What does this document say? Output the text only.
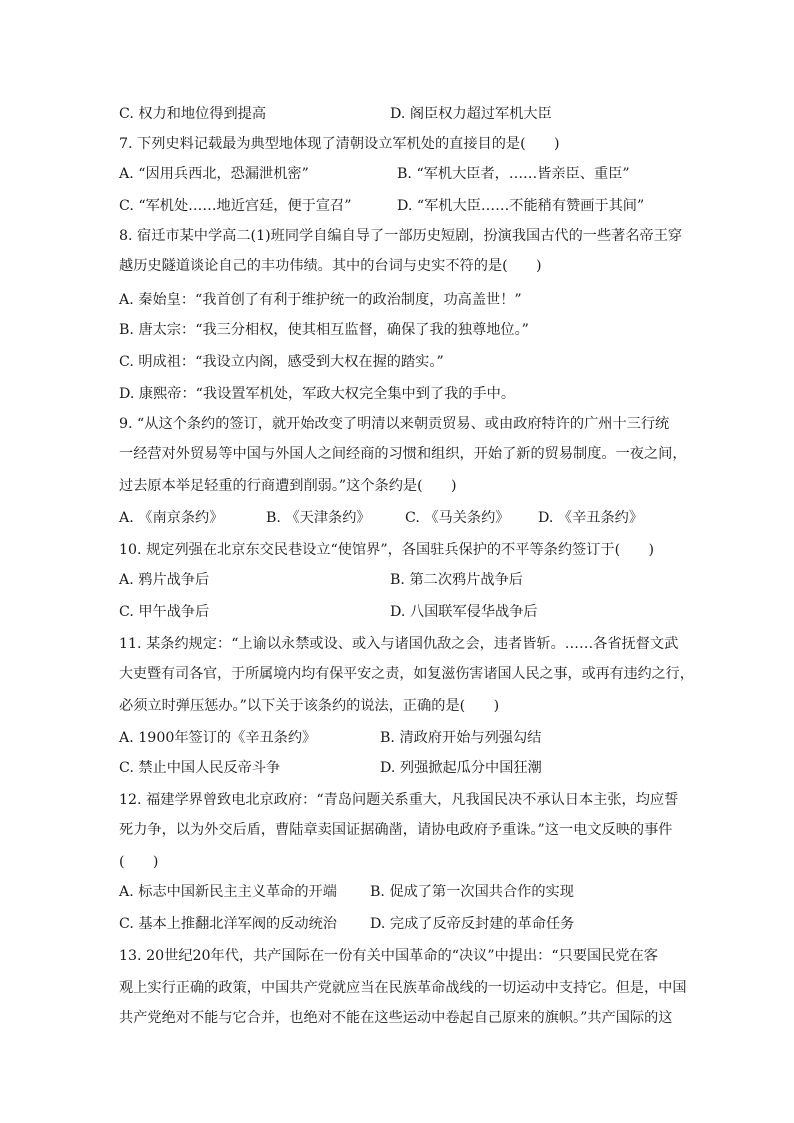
C. 权力和地位得到提高	D. 阁臣权力超过军机大臣
7. 下列史料记载最为典型地体现了清朝设立军机处的直接目的是(　　)
A. “因用兵西北，恐漏泄机密”	B. “军机大臣者，……皆亲臣、重臣”
C. “军机处……地近宫廷，便于宣召”	D. “军机大臣……不能稍有赞画于其间”
8. 宿迁市某中学高二(1)班同学自编自导了一部历史短剧，扮演我国古代的一些著名帝王穿
越历史隧道谈论自己的丰功伟绩。其中的台词与史实不符的是(　　)
A. 秦始皇：“我首创了有利于维护统一的政治制度，功高盖世！”
B. 唐太宗：“我三分相权，使其相互监督，确保了我的独尊地位。”
C. 明成祖：“我设立内阁，感受到大权在握的踏实。”
D. 康熙帝：“我设置军机处，军政大权完全集中到了我的手中。
9. “从这个条约的签订，就开始改变了明清以来朝贡贸易、或由政府特许的广州十三行统
一经营对外贸易等中国与外国人之间经商的习惯和组织，开始了新的贸易制度。一夜之间，
过去原本举足轻重的行商遭到削弱。”这个条约是(　　)
A. 《南京条约》	B. 《天津条约》 C. 《马关条约》 D. 《辛丑条约》
10. 规定列强在北京东交民巷设立“使馆界”，各国驻兵保护的不平等条约签订于(　　)
A. 鸦片战争后	B. 第二次鸦片战争后
C. 甲午战争后	D. 八国联军侵华战争后
11. 某条约规定：“上谕以永禁或设、或入与诸国仇敌之会，违者皆斩。……各省抚督文武
大吏暨有司各官，于所属境内均有保平安之责，如复滋伤害诸国人民之事，或再有违约之行，
必须立时弹压惩办。”以下关于该条约的说法，正确的是(　　)
A. 1900年签订的《辛丑条约》	B. 清政府开始与列强勾结
C. 禁止中国人民反帝斗争	D. 列强掀起瓜分中国狂潮
12. 福建学界曾致电北京政府：“青岛问题关系重大，凡我国民决不承认日本主张，均应誓
死力争，以为外交后盾，曹陆章卖国证据确凿，请协电政府予重诛。”这一电文反映的事件
(　　)
A. 标志中国新民主主义革命的开端 B. 促成了第一次国共合作的实现
C. 基本上推翻北洋军阀的反动统治 D. 完成了反帝反封建的革命任务
13. 20世纪20年代，共产国际在一份有关中国革命的“决议”中提出：“只要国民党在客
观上实行正确的政策，中国共产党就应当在民族革命战线的一切运动中支持它。但是，中国
共产党绝对不能与它合并，也绝对不能在这些运动中卷起自己原来的旗帜。”共产国际的这
